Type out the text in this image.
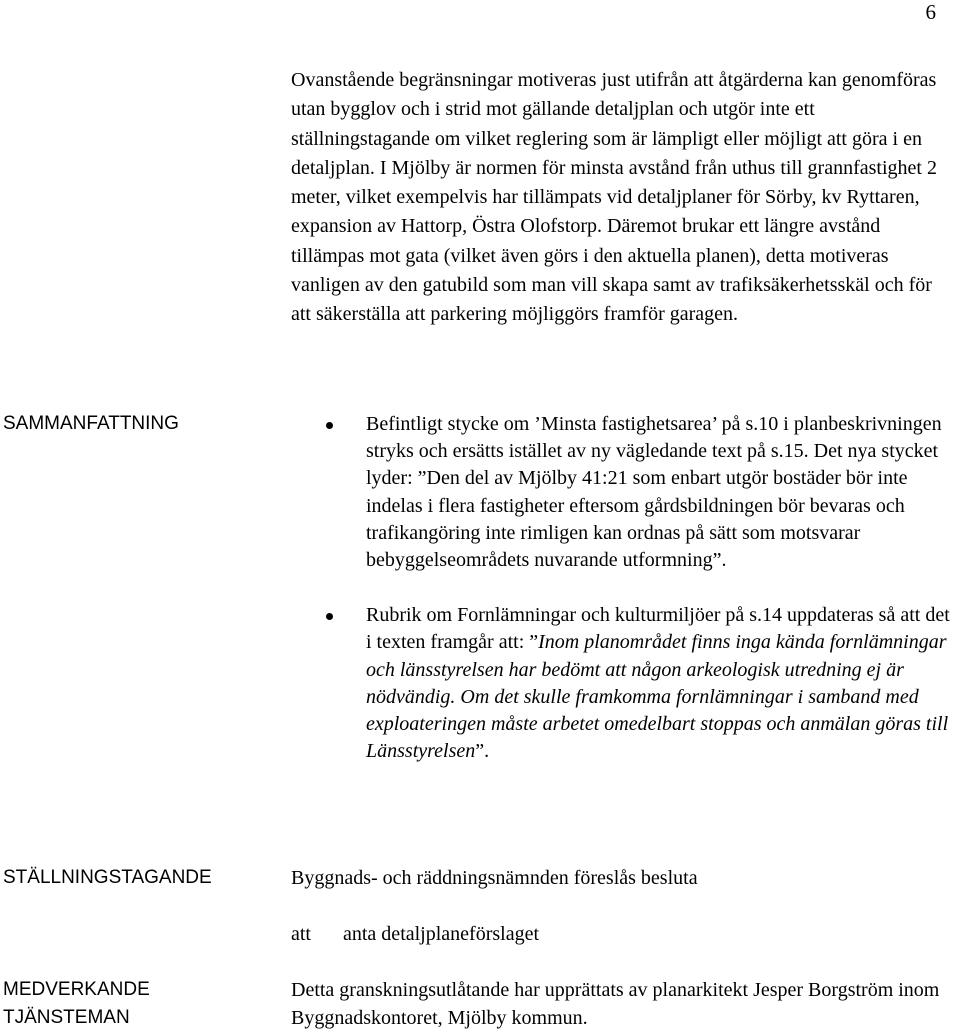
6
Ovanstående begränsningar motiveras just utifrån att åtgärderna kan genomföras utan bygglov och i strid mot gällande detaljplan och utgör inte ett ställningstagande om vilket reglering som är lämpligt eller möjligt att göra i en detaljplan. I Mjölby är normen för minsta avstånd från uthus till grannfastighet 2 meter, vilket exempelvis har tillämpats vid detaljplaner för Sörby, kv Ryttaren, expansion av Hattorp, Östra Olofstorp. Däremot brukar ett längre avstånd tillämpas mot gata (vilket även görs i den aktuella planen), detta motiveras vanligen av den gatubild som man vill skapa samt av trafiksäkerhetsskäl och för att säkerställa att parkering möjliggörs framför garagen.
SAMMANFATTNING	Befintligt stycke om ’Minsta fastighetsarea’ på s.10 i planbeskrivningen stryks och ersätts istället av ny vägledande text på s.15. Det nya stycket lyder: ”Den del av Mjölby 41:21 som enbart utgör bostäder bör inte indelas i flera fastigheter eftersom gårdsbildningen bör bevaras och trafikangöring inte rimligen kan ordnas på sätt som motsvarar bebyggelseområdets nuvarande utformning”.
Rubrik om Fornlämningar och kulturmiljöer på s.14 uppdateras så att det i texten framgår att: ”Inom planområdet finns inga kända fornlämningar och länsstyrelsen har bedömt att någon arkeologisk utredning ej är nödvändig. Om det skulle framkomma fornlämningar i samband med exploateringen måste arbetet omedelbart stoppas och anmälan göras till Länsstyrelsen”.
STÄLLNINGSTAGANDE	Byggnads- och räddningsnämnden föreslås besluta
att anta detaljplaneförslaget
MEDVERKANDE
TJÄNSTEMAN
Detta granskningsutlåtande har upprättats av planarkitekt Jesper Borgström inom Byggnadskontoret, Mjölby kommun.
